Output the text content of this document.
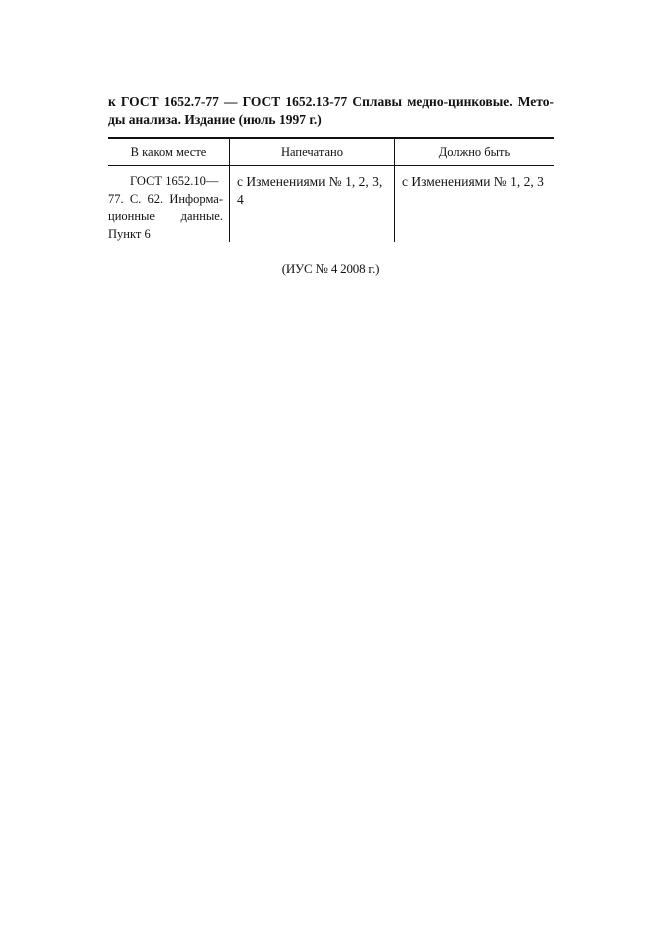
к ГОСТ 1652.7-77 — ГОСТ 1652.13-77 Сплавы медно-цинковые. Мето-
ды анализа. Издание (июль 1997 г.)
В каком месте	Напечатано	Должно быть
ГОСТ 1652.10—
77. С. 62. Информа-ционные данные. Пункт 6
с Изменениями № 1, 2, 3, 4
с Изменениями № 1, 2, 3
(ИУС № 4 2008 г.)
